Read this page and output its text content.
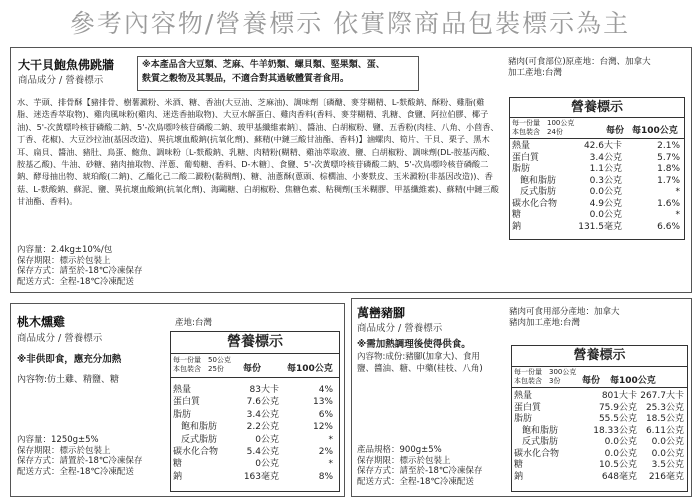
參考內容物/營養標示 依實際商品包裝標示為主
大干貝鮑魚佛跳牆
商品成分 / 營養標示
※本產品含大豆類、芝麻、牛羊奶類、螺貝類、堅果類、蛋、
麩質之穀物及其製品，不適合對其過敏體質者食用。
豬肉(可食部位)原產地：台灣、加拿大
加工產地:台灣
水、芋頭、排骨酥【豬排骨、樹薯澱粉、米酒、糖、香油(大豆油、芝麻油)、調味劑〔磷醣、麥芽糊精、L-麩酸鈉、酥粉、雞脂(雞脂、迷迭香萃取物)、雞肉風味粉(雞肉、迷迭香抽取物)、大豆水解蛋白、雞肉香料(香料、麥芽糊精、乳糖、食鹽、阿拉伯膠、椰子油)、5'-次黃嘌呤核苷磷酸二鈉、5'-次鳥嘌呤核苷磷酸二鈉、玻甲基纖維素鈉〕、醬油、白胡椒粉、鹽、五香粉(肉桂、八角、小茴香、丁香、花椒)、大豆沙拉油(基因改造)、異抗壞血酸鈉(抗氧化劑)、蘇精(中鏈三酸甘油酯、香料)】滷螺肉、筍片、干貝、栗子、黑木耳、扁貝、醬油、豬肚、鳥蛋、鮑魚、調味粉〔L-麩酸鈉、乳糖、肉精粉(糊精、雞油萃取液、鹽、白胡椒粉、調味劑(DL-胺基丙酸、胺基乙酸)、牛油、砂糖、豬肉抽取物、洋蔥、葡萄糖、香料、D-木糖〕、食鹽、5'-次黃嘌呤核苷磷酸二鈉、5'-次鳥嘌呤核苷磷酸二鈉、酵母抽出物、琥珀酸(二鈉)、乙醯化己二酸二澱粉(黏稠劑)、糖、油蔥酥(蔥頭、棕櫚油、小麥麩皮、玉米澱粉(非基因改造))、香菇、L-麩酸鈉、蘇泥、鹽、異抗壞血酸鈉(抗氧化劑)、海鷗糖、白胡椒粉、焦糖色素、粘稠劑(玉米糊膠、甲基纖維素)、蘇精(中鏈三酸甘油酯、香料)。
內容量：2.4kg±10%/包
保存期限：標示於包裝上
保存方式：請至於-18℃冷凍保存
配送方式：全程-18℃冷凍配送
營養標示
每一份量　100公克
本包裝含　24份	每份 每100公克
熱量	42.6大卡	2.1%

蛋白質	3.4公克	5.7%

脂肪	1.1公克	1.8%

飽和脂肪	0.3公克	1.7%

反式脂肪	0.0公克	*

碳水化合物	4.9公克	1.6%

糖	0.0公克	*

鈉	131.5毫克	6.6%

桃木燻雞
商品成分 / 營養標示
產地:台灣
※非供即食，應充分加熱
內容物:仿土雞、精鹽、糖
內容量：1250g±5%
保存期限：標示於包裝上
保存方式：請置於-18℃冷凍保存
配送方式：全程-18℃冷凍配送
營養標示
每一份量　50公克
本包裝含　25份 每份	每100公克
熱量	83大卡	4%

蛋白質	7.6公克	13%

脂肪	3.4公克	6%

飽和脂肪	2.2公克	12%

反式脂肪	0公克	*

碳水化合物	5.4公克	2%

糖	0公克	*

鈉	163毫克	8%

萬巒豬腳
商品成分 / 營養標示
※需加熱調理後使得供食。
內容物:成份:豬腳(加拿大)、食用
鹽、醬油、糖、中藥(桂枝、八角)
豬肉可食用部分產地：加拿大
豬肉加工產地:台灣
產品規格：900g±5%
保存期限：標示於包裝上
保存方式：請至於-18℃冷凍保存
配送方式：全程-18℃冷凍配送
營養標示
每一份量　300公克
本包裝含　3份 每份 每100公克
熱量	801大卡 267.7大卡

蛋白質	75.9公克 25.3公克

脂肪	55.5公克 18.5公克

飽和脂肪	18.33公克 6.11公克

反式脂肪	0.0公克 0.0公克

碳水化合物	0.0公克 0.0公克

糖	10.5公克 3.5公克

鈉	648毫克 216毫克
